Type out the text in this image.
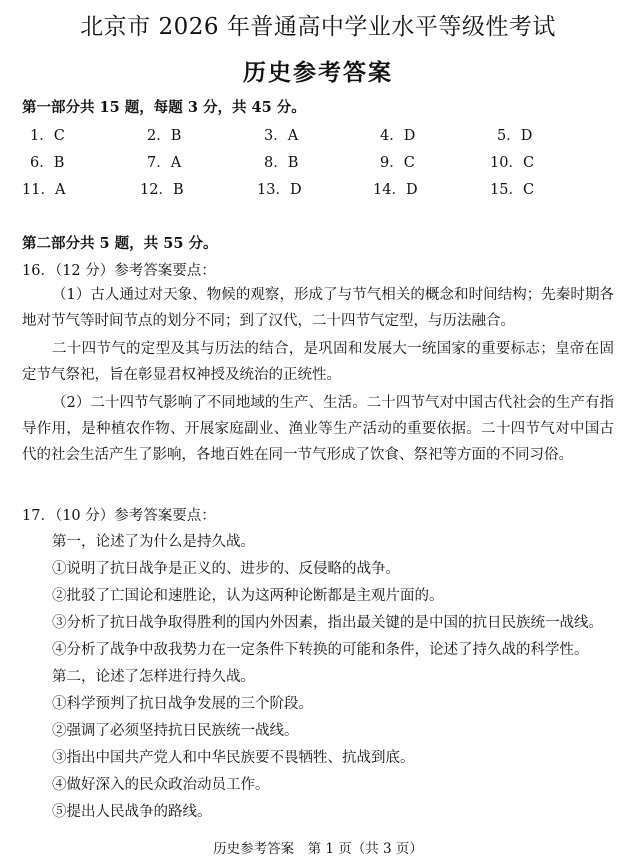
北京市 2026 年普通高中学业水平等级性考试
历史参考答案
第一部分共 15 题，每题 3 分，共 45 分。
1．C	2．B	3．A	4．D	5．D
6．B	7．A	8．B	9．C	10．C
11．A	12．B	13．D	14．D	15．C
第二部分共 5 题，共 55 分。
16．（12 分）参考答案要点：

（1）古人通过对天象、物候的观察，形成了与节气相关的概念和时间结构；先秦时期各地对节气等时间节点的划分不同；到了汉代，二十四节气定型，与历法融合。

二十四节气的定型及其与历法的结合，是巩固和发展大一统国家的重要标志；皇帝在固定节气祭祀，旨在彰显君权神授及统治的正统性。

（2）二十四节气影响了不同地域的生产、生活。二十四节气对中国古代社会的生产有指导作用，是种植农作物、开展家庭副业、渔业等生产活动的重要依据。二十四节气对中国古代的社会生活产生了影响，各地百姓在同一节气形成了饮食、祭祀等方面的不同习俗。

17．（10 分）参考答案要点：
第一，论述了为什么是持久战。
①说明了抗日战争是正义的、进步的、反侵略的战争。
②批驳了亡国论和速胜论，认为这两种论断都是主观片面的。
③分析了抗日战争取得胜利的国内外因素，指出最关键的是中国的抗日民族统一战线。
④分析了战争中敌我势力在一定条件下转换的可能和条件，论述了持久战的科学性。
第二，论述了怎样进行持久战。
①科学预判了抗日战争发展的三个阶段。
②强调了必须坚持抗日民族统一战线。
③指出中国共产党人和中华民族要不畏牺牲、抗战到底。
④做好深入的民众政治动员工作。
⑤提出人民战争的路线。
历史参考答案　第 1 页（共 3 页）
